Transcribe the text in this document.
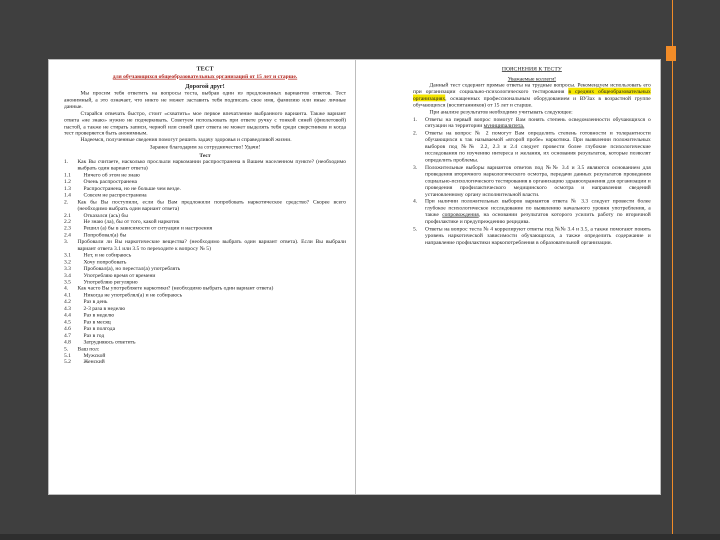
ТЕСТ
для обучающихся общеобразовательных организаций от 15 лет и старше.
Дорогой друг!
Мы просим тебя ответить на вопросы теста, выбрав один из предложенных вариантов ответов. Тест анонимный, а это означает, что никто не может заставить тебя подписать свое имя, фамилию или иные личные данные.
Старайся отвечать быстро, стоит «схватить» мое первое впечатление выбранного варианта. Также вариант ответа «не знаю» нужно не подчеркивать. Советуем использовать при ответе ручку с тонкой синей (фиолетовой) пастой, а также не стирать записи, черной или синей цвет ответа не может выделять тебя среди сверстников и когда тест проверяется быть анонимным.
Надеемся, полученные сведения помогут решить задачу здоровья и справедливой жизни.
Заранее благодарим за сотрудничество! Удачи!
Тест
1.	Как Вы считаете, насколько прослыли наркомании распространена в Вашем населенном пункте? (необходимо выбрать один вариант ответа)
1.1	Ничего об этом не знаю
1.2	Очень распространена
1.3	Распространена, но не больше чем везде.
1.4	Совсем не распространена
2.	Как бы Вы поступили, если бы Вам предложили попробовать наркотическое средство? Скорее всего (необходимо выбрать один вариант ответа)
2.1	Отказался (ась) бы
2.2	Не знаю (ла), бы от того, какой наркотик
2.3	Решил (а) бы в зависимости от ситуации и настроения
2.4	Попробовал(а) бы
3.	Пробовали ли Вы наркотические вещества? (необходимо выбрать один вариант ответа). Если Вы выбрали вариант ответа 3.1 или 3.5 то переходите к вопросу № 5)
3.1	Нет, и не собираюсь
3.2	Хочу попробовать
3.3	Пробовал(а), но перестал(а) употреблять
3.4	Употребляю время от времени
3.5	Употребляю регулярно
4.	Как часто Вы употребляете наркотики? (необходимо выбрать один вариант ответа)
4.1	Никогда не употреблял(а) и не собираюсь
4.2	Раз в день
4.3	2-3 раза в неделю
4.4	Раз в неделю
4.5	Раз в месяц
4.6	Раз в полгода
4.7	Раз в год
4.8	Затрудняюсь ответить
5.	Ваш пол:
5.1	Мужской
5.2	Женский
ПОЯСНЕНИЯ К ТЕСТУ
Уважаемые коллеги!
Данный тест содержит прямые ответы на трудные вопросы. Рекомендуем использовать его при организации социально-психологического тестирования в средних общеобразовательных организациях, оснащенных профессиональным оборудованием и ВУЗах в возрастной группе обучающихся (воспитанников) от 15 лет и старше.
При анализе результатов необходимо учитывать следующее:
1.	Ответы на первый вопрос помогут Вам понять степень осведомленности обучающихся о ситуации на территории муниципалитета.
2.	Ответы на вопрос № 2 помогут Вам определить степень готовности и толерантности обучающихся к так называемой «второй пробе» наркотика. При выявлении положительных выборов под №№ 2.2, 2.3 и 2.4 следует провести более глубокие психологические исследования по изучению интереса и желания, их основания результатов, которые позволят определить проблемы.
3.	Положительные выборы вариантов ответов под №№ 3.4 и 3.5 являются основанием для проведения вторичного наркологического осмотра, передачи данных результатов проведения социально-психологического тестирования в организацию здравоохранения для организации и проведения профилактического медицинского осмотра и направления сведений установленному органу исполнительной власти.
4.	При наличии положительных выборов вариантов ответа № 3.3 следует провести более глубокое психологическое исследование по выявлению начального уровня употребления, а также сопровождения, на основании результатов которого усилить работу по вторичной профилактике и предупреждению рецидива.
5.	Ответы на вопрос теста № 4 коррелируют ответы под №№ 3.4 и 3.5, а также помогают понять уровень наркотической зависимости обучающихся, а также определить содержание и направление профилактики наркопотребления в образовательной организации.
